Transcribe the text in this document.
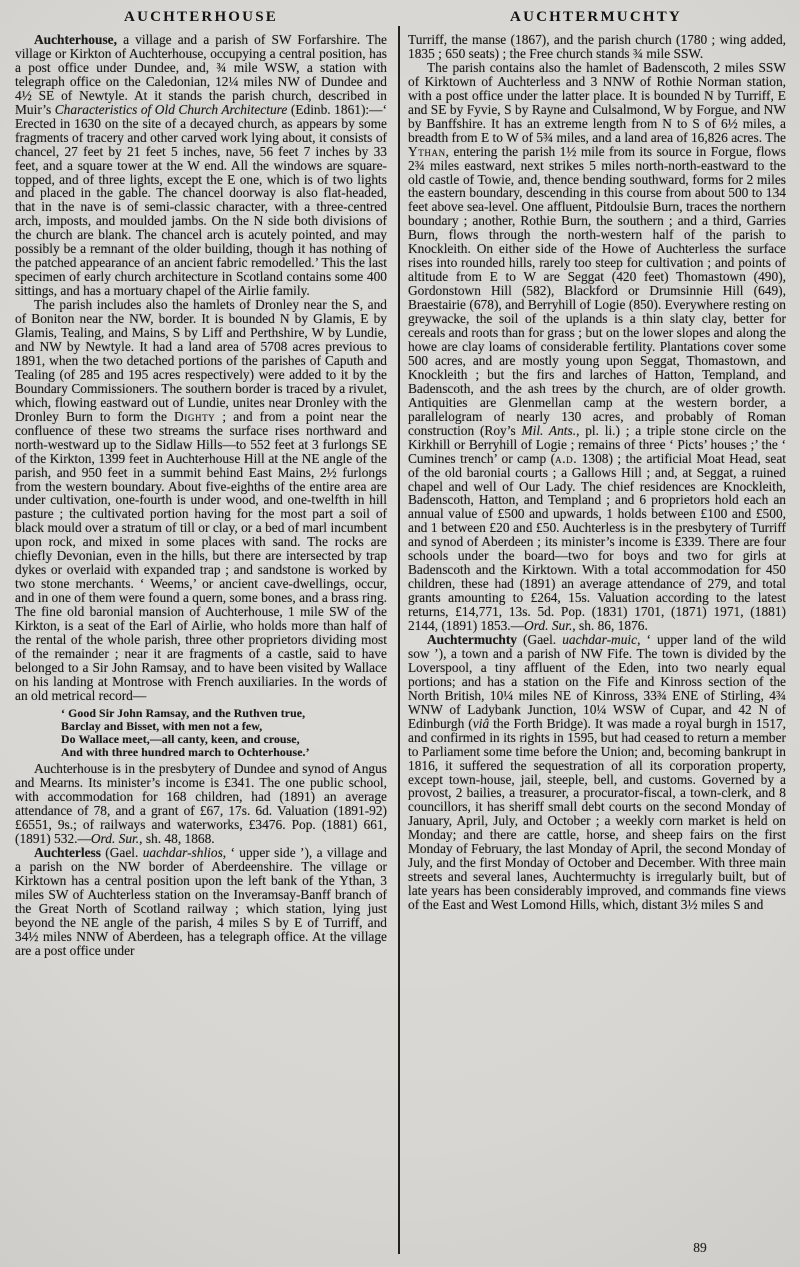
AUCHTERHOUSE	AUCHTERMUCHTY

Auchterhouse, a village and a parish of SW Forfarshire. The village or Kirkton of Auchterhouse, occupying a central position, has a post office under Dundee, and, ¾ mile WSW, a station with telegraph office on the Caledonian, 12¼ miles NW of Dundee and 4½ SE of Newtyle. At it stands the parish church, described in Muir’s Characteristics of Old Church Architecture (Edinb. 1861):—‘ Erected in 1630 on the site of a decayed church, as appears by some fragments of tracery and other carved work lying about, it consists of chancel, 27 feet by 21 feet 5 inches, nave, 56 feet 7 inches by 33 feet, and a square tower at the W end. All the windows are square-topped, and of three lights, except the E one, which is of two lights and placed in the gable. The chancel doorway is also flat-headed, that in the nave is of semi-classic character, with a three-centred arch, imposts, and moulded jambs. On the N side both divisions of the church are blank. The chancel arch is acutely pointed, and may possibly be a remnant of the older building, though it has nothing of the patched appearance of an ancient fabric remodelled.’ This the last specimen of early church architecture in Scotland contains some 400 sittings, and has a mortuary chapel of the Airlie family.

The parish includes also the hamlets of Dronley near the S, and of Boniton near the NW, border. It is bounded N by Glamis, E by Glamis, Tealing, and Mains, S by Liff and Perthshire, W by Lundie, and NW by Newtyle. It had a land area of 5708 acres previous to 1891, when the two detached portions of the parishes of Caputh and Tealing (of 285 and 195 acres respectively) were added to it by the Boundary Commissioners. The southern border is traced by a rivulet, which, flowing eastward out of Lundie, unites near Dronley with the Dronley Burn to form the Dighty ; and from a point near the confluence of these two streams the surface rises northward and north-westward up to the Sidlaw Hills—to 552 feet at 3 furlongs SE of the Kirkton, 1399 feet in Auchterhouse Hill at the NE angle of the parish, and 950 feet in a summit behind East Mains, 2½ furlongs from the western boundary. About five-eighths of the entire area are under cultivation, one-fourth is under wood, and one-twelfth in hill pasture ; the cultivated portion having for the most part a soil of black mould over a stratum of till or clay, or a bed of marl incumbent upon rock, and mixed in some places with sand. The rocks are chiefly Devonian, even in the hills, but there are intersected by trap dykes or overlaid with expanded trap ; and sandstone is worked by two stone merchants. ‘ Weems,’ or ancient cave-dwellings, occur, and in one of them were found a quern, some bones, and a brass ring. The fine old baronial mansion of Auchterhouse, 1 mile SW of the Kirkton, is a seat of the Earl of Airlie, who holds more than half of the rental of the whole parish, three other proprietors dividing most of the remainder ; near it are fragments of a castle, said to have belonged to a Sir John Ramsay, and to have been visited by Wallace on his landing at Montrose with French auxiliaries. In the words of an old metrical record—

‘ Good Sir John Ramsay, and the Ruthven true,
Barclay and Bisset, with men not a few,
Do Wallace meet,—all canty, keen, and crouse,
And with three hundred march to Ochterhouse.’

Auchterhouse is in the presbytery of Dundee and synod of Angus and Mearns. Its minister’s income is £341. The one public school, with accommodation for 168 children, had (1891) an average attendance of 78, and a grant of £67, 17s. 6d. Valuation (1891-92) £6551, 9s.; of railways and waterworks, £3476. Pop. (1881) 661, (1891) 532.—Ord. Sur., sh. 48, 1868.

Auchterless (Gael. uachdar-shlios, ‘ upper side ’), a village and a parish on the NW border of Aberdeenshire. The village or Kirktown has a central position upon the left bank of the Ythan, 3 miles SW of Auchterless station on the Inveramsay-Banff branch of the Great North of Scotland railway ; which station, lying just beyond the NE angle of the parish, 4 miles S by E of Turriff, and 34½ miles NNW of Aberdeen, has a telegraph office. At the village are a post office under

Turriff, the manse (1867), and the parish church (1780 ; wing added, 1835 ; 650 seats) ; the Free church stands ¾ mile SSW.

The parish contains also the hamlet of Badenscoth, 2 miles SSW of Kirktown of Auchterless and 3 NNW of Rothie Norman station, with a post office under the latter place. It is bounded N by Turriff, E and SE by Fyvie, S by Rayne and Culsalmond, W by Forgue, and NW by Banffshire. It has an extreme length from N to S of 6½ miles, a breadth from E to W of 5¾ miles, and a land area of 16,826 acres. The Ythan, entering the parish 1½ mile from its source in Forgue, flows 2¾ miles eastward, next strikes 5 miles north-north-eastward to the old castle of Towie, and, thence bending southward, forms for 2 miles the eastern boundary, descending in this course from about 500 to 134 feet above sea-level. One affluent, Pitdoulsie Burn, traces the northern boundary ; another, Rothie Burn, the southern ; and a third, Garries Burn, flows through the north-western half of the parish to Knockleith. On either side of the Howe of Auchterless the surface rises into rounded hills, rarely too steep for cultivation ; and points of altitude from E to W are Seggat (420 feet) Thomastown (490), Gordonstown Hill (582), Blackford or Drumsinnie Hill (649), Braestairie (678), and Berryhill of Logie (850). Everywhere resting on greywacke, the soil of the uplands is a thin slaty clay, better for cereals and roots than for grass ; but on the lower slopes and along the howe are clay loams of considerable fertility. Plantations cover some 500 acres, and are mostly young upon Seggat, Thomastown, and Knockleith ; but the firs and larches of Hatton, Templand, and Badenscoth, and the ash trees by the church, are of older growth. Antiquities are Glenmellan camp at the western border, a parallelogram of nearly 130 acres, and probably of Roman construction (Roy’s Mil. Ants., pl. li.) ; a triple stone circle on the Kirkhill or Berryhill of Logie ; remains of three ‘ Picts’ houses ;’ the ‘ Cumines trench’ or camp (a.d. 1308) ; the artificial Moat Head, seat of the old baronial courts ; a Gallows Hill ; and, at Seggat, a ruined chapel and well of Our Lady. The chief residences are Knockleith, Badenscoth, Hatton, and Templand ; and 6 proprietors hold each an annual value of £500 and upwards, 1 holds between £100 and £500, and 1 between £20 and £50. Auchterless is in the presbytery of Turriff and synod of Aberdeen ; its minister’s income is £339. There are four schools under the board—two for boys and two for girls at Badenscoth and the Kirktown. With a total accommodation for 450 children, these had (1891) an average attendance of 279, and total grants amounting to £264, 15s. Valuation according to the latest returns, £14,771, 13s. 5d. Pop. (1831) 1701, (1871) 1971, (1881) 2144, (1891) 1853.—Ord. Sur., sh. 86, 1876.

Auchtermuchty (Gael. uachdar-muic, ‘ upper land of the wild sow ’), a town and a parish of NW Fife. The town is divided by the Loverspool, a tiny affluent of the Eden, into two nearly equal portions; and has a station on the Fife and Kinross section of the North British, 10¼ miles NE of Kinross, 33¾ ENE of Stirling, 4¾ WNW of Ladybank Junction, 10¼ WSW of Cupar, and 42 N of Edinburgh (viâ the Forth Bridge). It was made a royal burgh in 1517, and confirmed in its rights in 1595, but had ceased to return a member to Parliament some time before the Union; and, becoming bankrupt in 1816, it suffered the sequestration of all its corporation property, except town-house, jail, steeple, bell, and customs. Governed by a provost, 2 bailies, a treasurer, a procurator-fiscal, a town-clerk, and 8 councillors, it has sheriff small debt courts on the second Monday of January, April, July, and October ; a weekly corn market is held on Monday; and there are cattle, horse, and sheep fairs on the first Monday of February, the last Monday of April, the second Monday of July, and the first Monday of October and December. With three main streets and several lanes, Auchtermuchty is irregularly built, but of late years has been considerably improved, and commands fine views of the East and West Lomond Hills, which, distant 3½ miles S and

89
